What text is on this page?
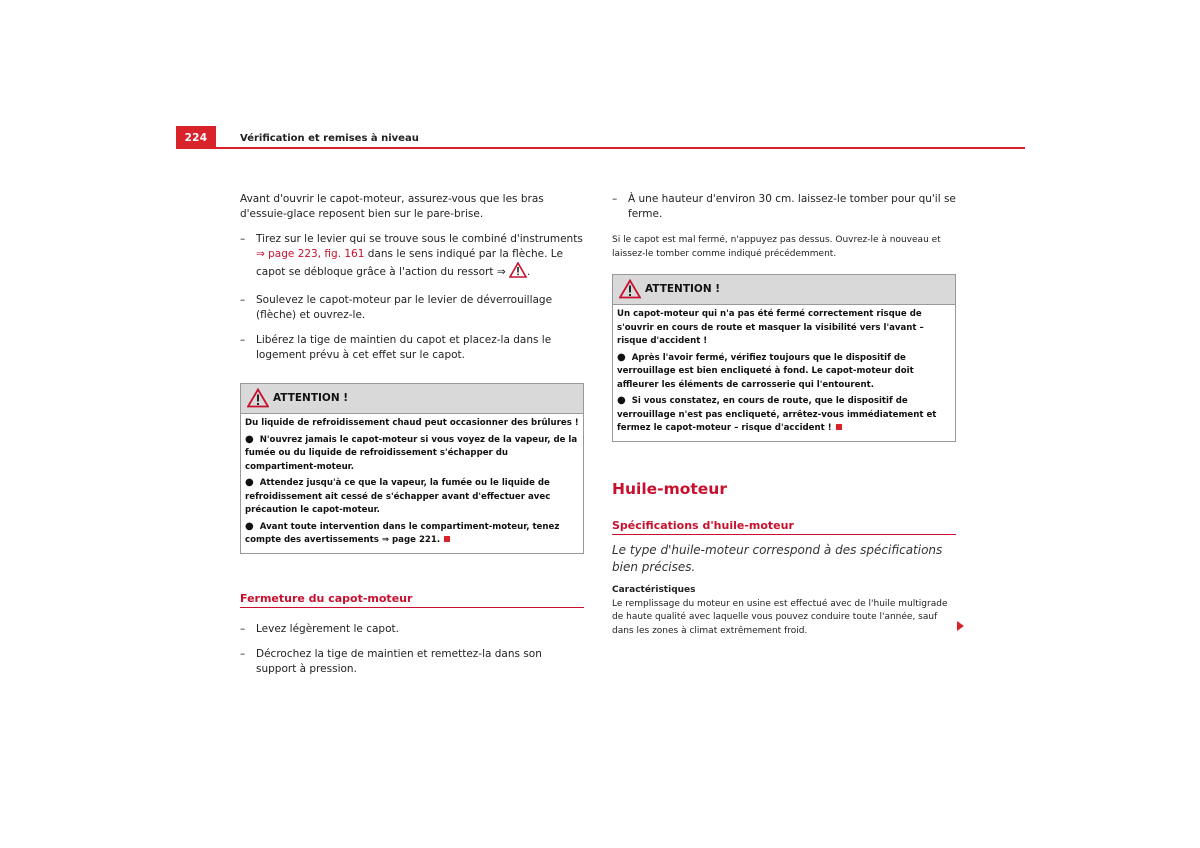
224	Vérification et remises à niveau

Avant d'ouvrir le capot-moteur, assurez-vous que les bras d'essuie-glace reposent bien sur le pare-brise.

– Tirez sur le levier qui se trouve sous le combiné d'instruments ⇒ page 223, fig. 161 dans le sens indiqué par la flèche. Le capot se débloque grâce à l'action du ressort ⇒ .
– Soulevez le capot-moteur par le levier de déverrouillage (flèche) et ouvrez-le.
– Libérez la tige de maintien du capot et placez-la dans le logement prévu à cet effet sur le capot.
ATTENTION !

Du liquide de refroidissement chaud peut occasionner des brûlures !

● N'ouvrez jamais le capot-moteur si vous voyez de la vapeur, de la fumée ou du liquide de refroidissement s'échapper du compartiment-moteur.

● Attendez jusqu'à ce que la vapeur, la fumée ou le liquide de refroidissement ait cessé de s'échapper avant d'effectuer avec précaution le capot-moteur.

● Avant toute intervention dans le compartiment-moteur, tenez compte des avertissements ⇒ page 221.

Fermeture du capot-moteur
– Levez légèrement le capot.
– Décrochez la tige de maintien et remettez-la dans son support à pression.
– À une hauteur d'environ 30 cm. laissez-le tomber pour qu'il se ferme.

Si le capot est mal fermé, n'appuyez pas dessus. Ouvrez-le à nouveau et laissez-le tomber comme indiqué précédemment.

ATTENTION !

Un capot-moteur qui n'a pas été fermé correctement risque de s'ouvrir en cours de route et masquer la visibilité vers l'avant – risque d'accident !

● Après l'avoir fermé, vérifiez toujours que le dispositif de verrouillage est bien encliqueté à fond. Le capot-moteur doit affleurer les éléments de carrosserie qui l'entourent.

● Si vous constatez, en cours de route, que le dispositif de verrouillage n'est pas encliqueté, arrêtez-vous immédiatement et fermez le capot-moteur – risque d'accident !

Huile-moteur
Spécifications d'huile-moteur

Le type d'huile-moteur correspond à des spécifications bien précises.

Caractéristiques

Le remplissage du moteur en usine est effectué avec de l'huile multigrade de haute qualité avec laquelle vous pouvez conduire toute l'année, sauf dans les zones à climat extrêmement froid.
